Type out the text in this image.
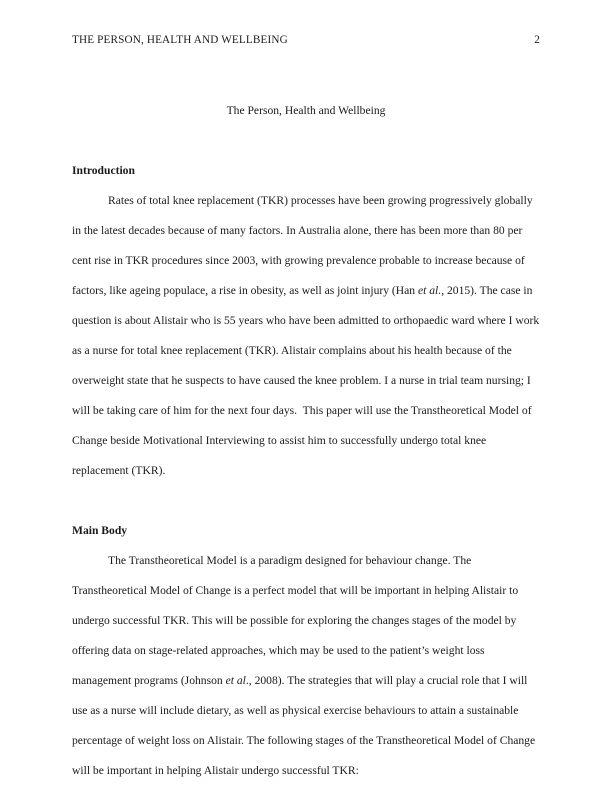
THE PERSON, HEALTH AND WELLBEING	2
The Person, Health and Wellbeing
Introduction

Rates of total knee replacement (TKR) processes have been growing progressively globally in the latest decades because of many factors. In Australia alone, there has been more than 80 per cent rise in TKR procedures since 2003, with growing prevalence probable to increase because of factors, like ageing populace, a rise in obesity, as well as joint injury (Han et al., 2015). The case in question is about Alistair who is 55 years who have been admitted to orthopaedic ward where I work as a nurse for total knee replacement (TKR). Alistair complains about his health because of the overweight state that he suspects to have caused the knee problem. I a nurse in trial team nursing; I will be taking care of him for the next four days.  This paper will use the Transtheoretical Model of Change beside Motivational Interviewing to assist him to successfully undergo total knee replacement (TKR).

Main Body

The Transtheoretical Model is a paradigm designed for behaviour change. The Transtheoretical Model of Change is a perfect model that will be important in helping Alistair to undergo successful TKR. This will be possible for exploring the changes stages of the model by offering data on stage-related approaches, which may be used to the patient’s weight loss management programs (Johnson et al., 2008). The strategies that will play a crucial role that I will use as a nurse will include dietary, as well as physical exercise behaviours to attain a sustainable percentage of weight loss on Alistair. The following stages of the Transtheoretical Model of Change will be important in helping Alistair undergo successful TKR:
